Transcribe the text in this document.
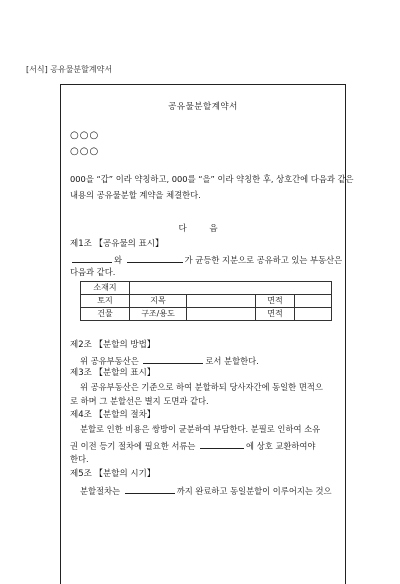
[서식] 공유물분할계약서
공유물분할계약서
○○○
○○○
000을 “갑” 이라 약칭하고, 000를 “을” 이라 약칭한 후, 상호간에 다음과 같은
내용의 공유물분할 계약을 체결한다.
다 음
제1조 【공유물의 표시】
와	가 균등한 지분으로 공유하고 있는 부동산은
다음과 같다.
소재지				
토지	지목		면적	
건물	구조/용도		면적	
제2조 【분할의 방법】
위 공유부동산은	로서 분할한다.
제3조 【분할의 표시】
위 공유부동산은 기준으로 하여 분할하되 당사자간에 동일한 면적으
로 하며 그 분할선은 별지 도면과 같다.
제4조 【분할의 절차】
분할로 인한 비용은 쌍방이 균분하여 부담한다. 분필로 인하여 소유
권 이전 등기 절차에 필요한 서류는	에 상호 교환하여야
한다.
제5조 【분할의 시기】
분할절차는	까지 완료하고 동일분할이 이루어지는 것으
